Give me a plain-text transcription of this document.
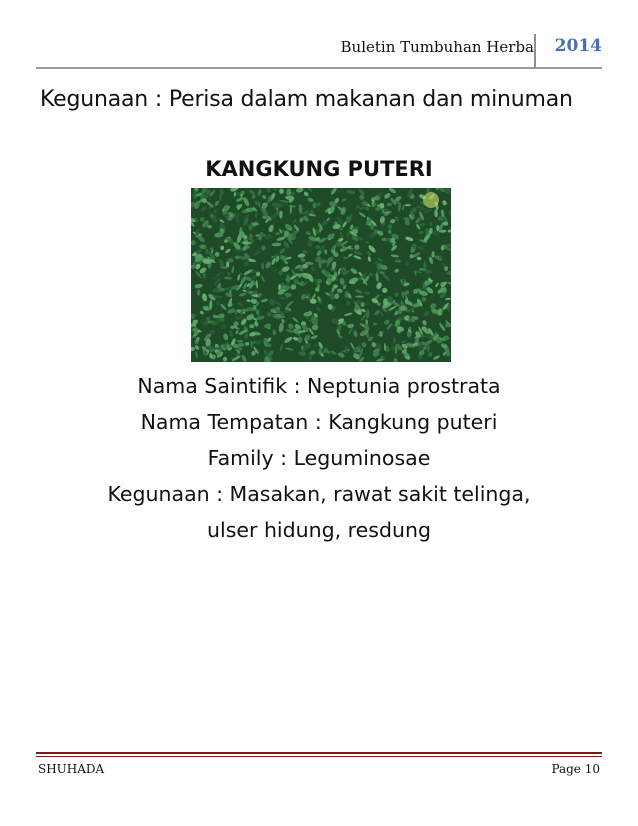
Buletin Tumbuhan Herba 2014
Kegunaan : Perisa dalam makanan dan minuman
KANGKUNG PUTERI
Nama Saintifik : Neptunia prostrata
Nama Tempatan : Kangkung puteri
Family : Leguminosae
Kegunaan : Masakan, rawat sakit telinga,
ulser hidung, resdung
SHUHADA	Page 10
